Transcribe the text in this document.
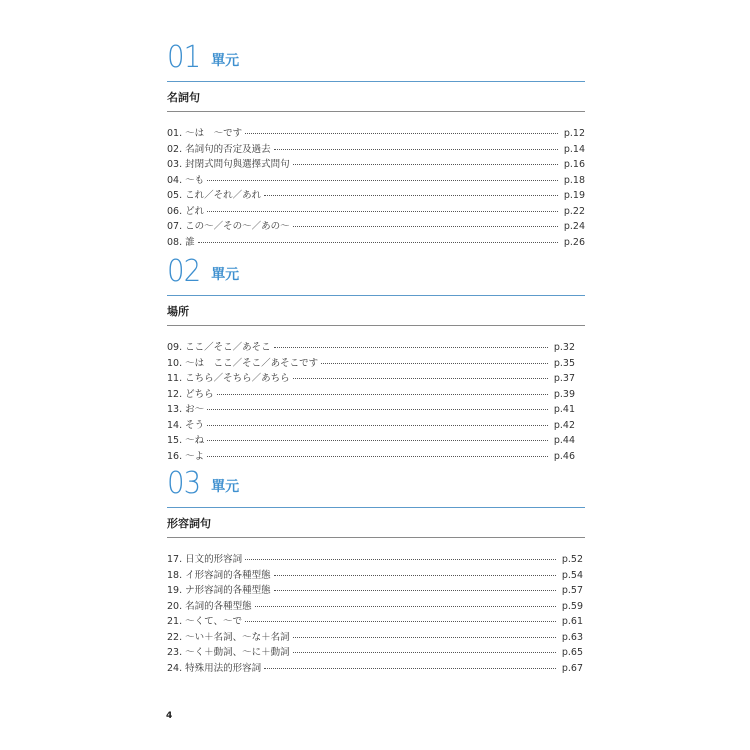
01 單元
名詞句
01. ～は　～です	p.12
02. 名詞句的否定及過去	p.14
03. 封閉式問句與選擇式問句	p.16
04. ～も	p.18
05. これ／それ／あれ	p.19
06. どれ	p.22
07. この～／その～／あの～	p.24
08. 誰	p.26
02 單元
場所
09. ここ／そこ／あそこ	p.32
10. ～は　ここ／そこ／あそこです	p.35
11. こちら／そちら／あちら	p.37
12. どちら	p.39
13. お～	p.41
14. そう	p.42
15. ～ね	p.44
16. ～よ	p.46
03 單元
形容詞句
17. 日文的形容詞	p.52
18. イ形容詞的各種型態	p.54
19. ナ形容詞的各種型態	p.57
20. 名詞的各種型態	p.59
21. ～くて、～で	p.61
22. ～い＋名詞、～な＋名詞	p.63
23. ～く＋動詞、～に＋動詞	p.65
24. 特殊用法的形容詞	p.67
4
